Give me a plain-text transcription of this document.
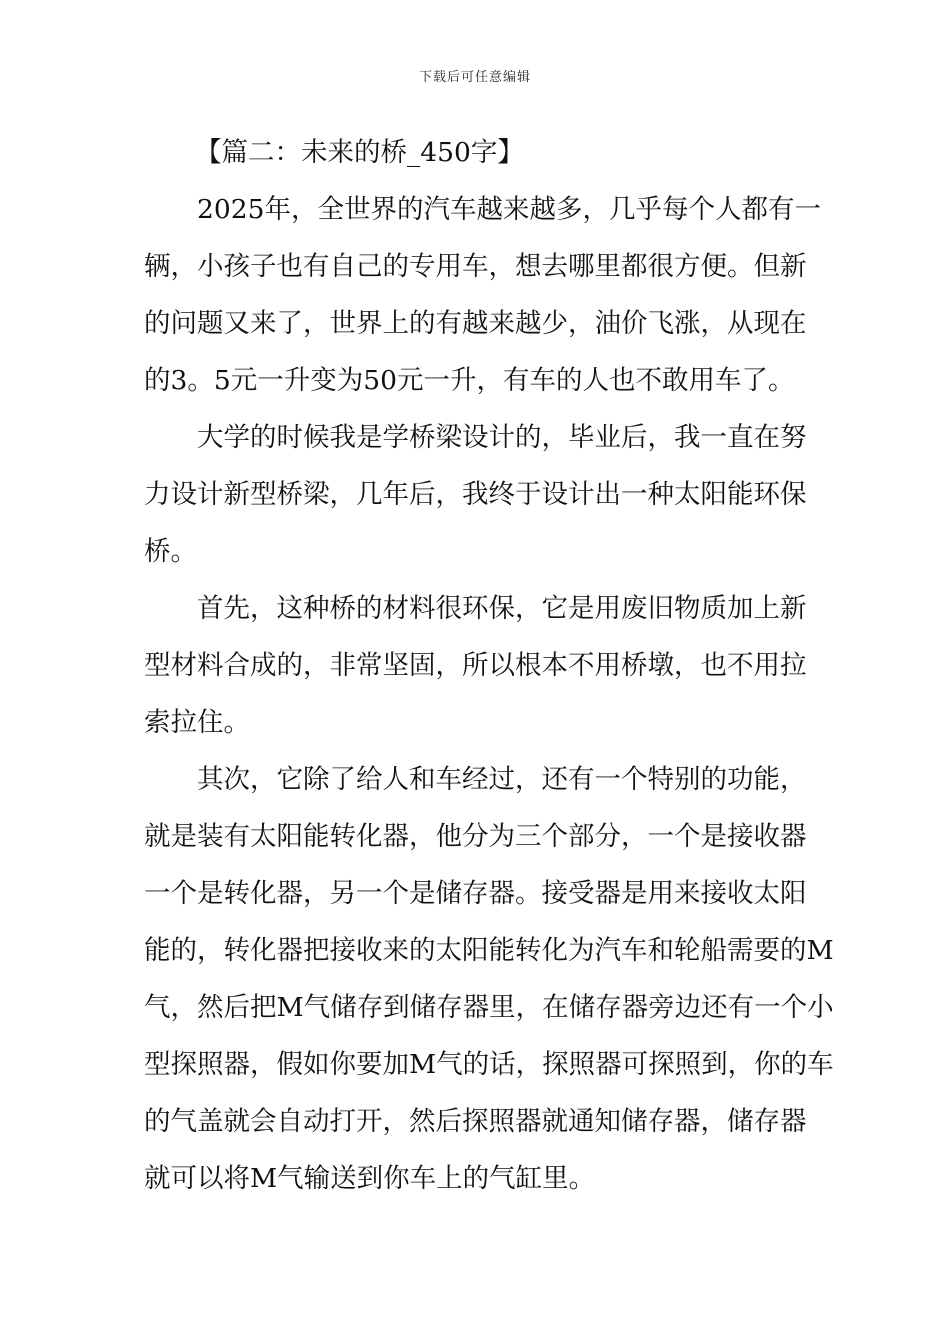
下载后可任意编辑
【篇二：未来的桥_450字】
2025年，全世界的汽车越来越多，几乎每个人都有一
辆，小孩子也有自己的专用车，想去哪里都很方便。但新
的问题又来了，世界上的有越来越少，油价飞涨，从现在
的3。5元一升变为50元一升，有车的人也不敢用车了。
大学的时候我是学桥梁设计的，毕业后，我一直在努
力设计新型桥梁，几年后，我终于设计出一种太阳能环保
桥。
首先，这种桥的材料很环保，它是用废旧物质加上新
型材料合成的，非常坚固，所以根本不用桥墩，也不用拉
索拉住。
其次，它除了给人和车经过，还有一个特别的功能，
就是装有太阳能转化器，他分为三个部分，一个是接收器
一个是转化器，另一个是储存器。接受器是用来接收太阳
能的，转化器把接收来的太阳能转化为汽车和轮船需要的M
气，然后把M气储存到储存器里，在储存器旁边还有一个小
型探照器，假如你要加M气的话，探照器可探照到，你的车
的气盖就会自动打开，然后探照器就通知储存器，储存器
就可以将M气输送到你车上的气缸里。
